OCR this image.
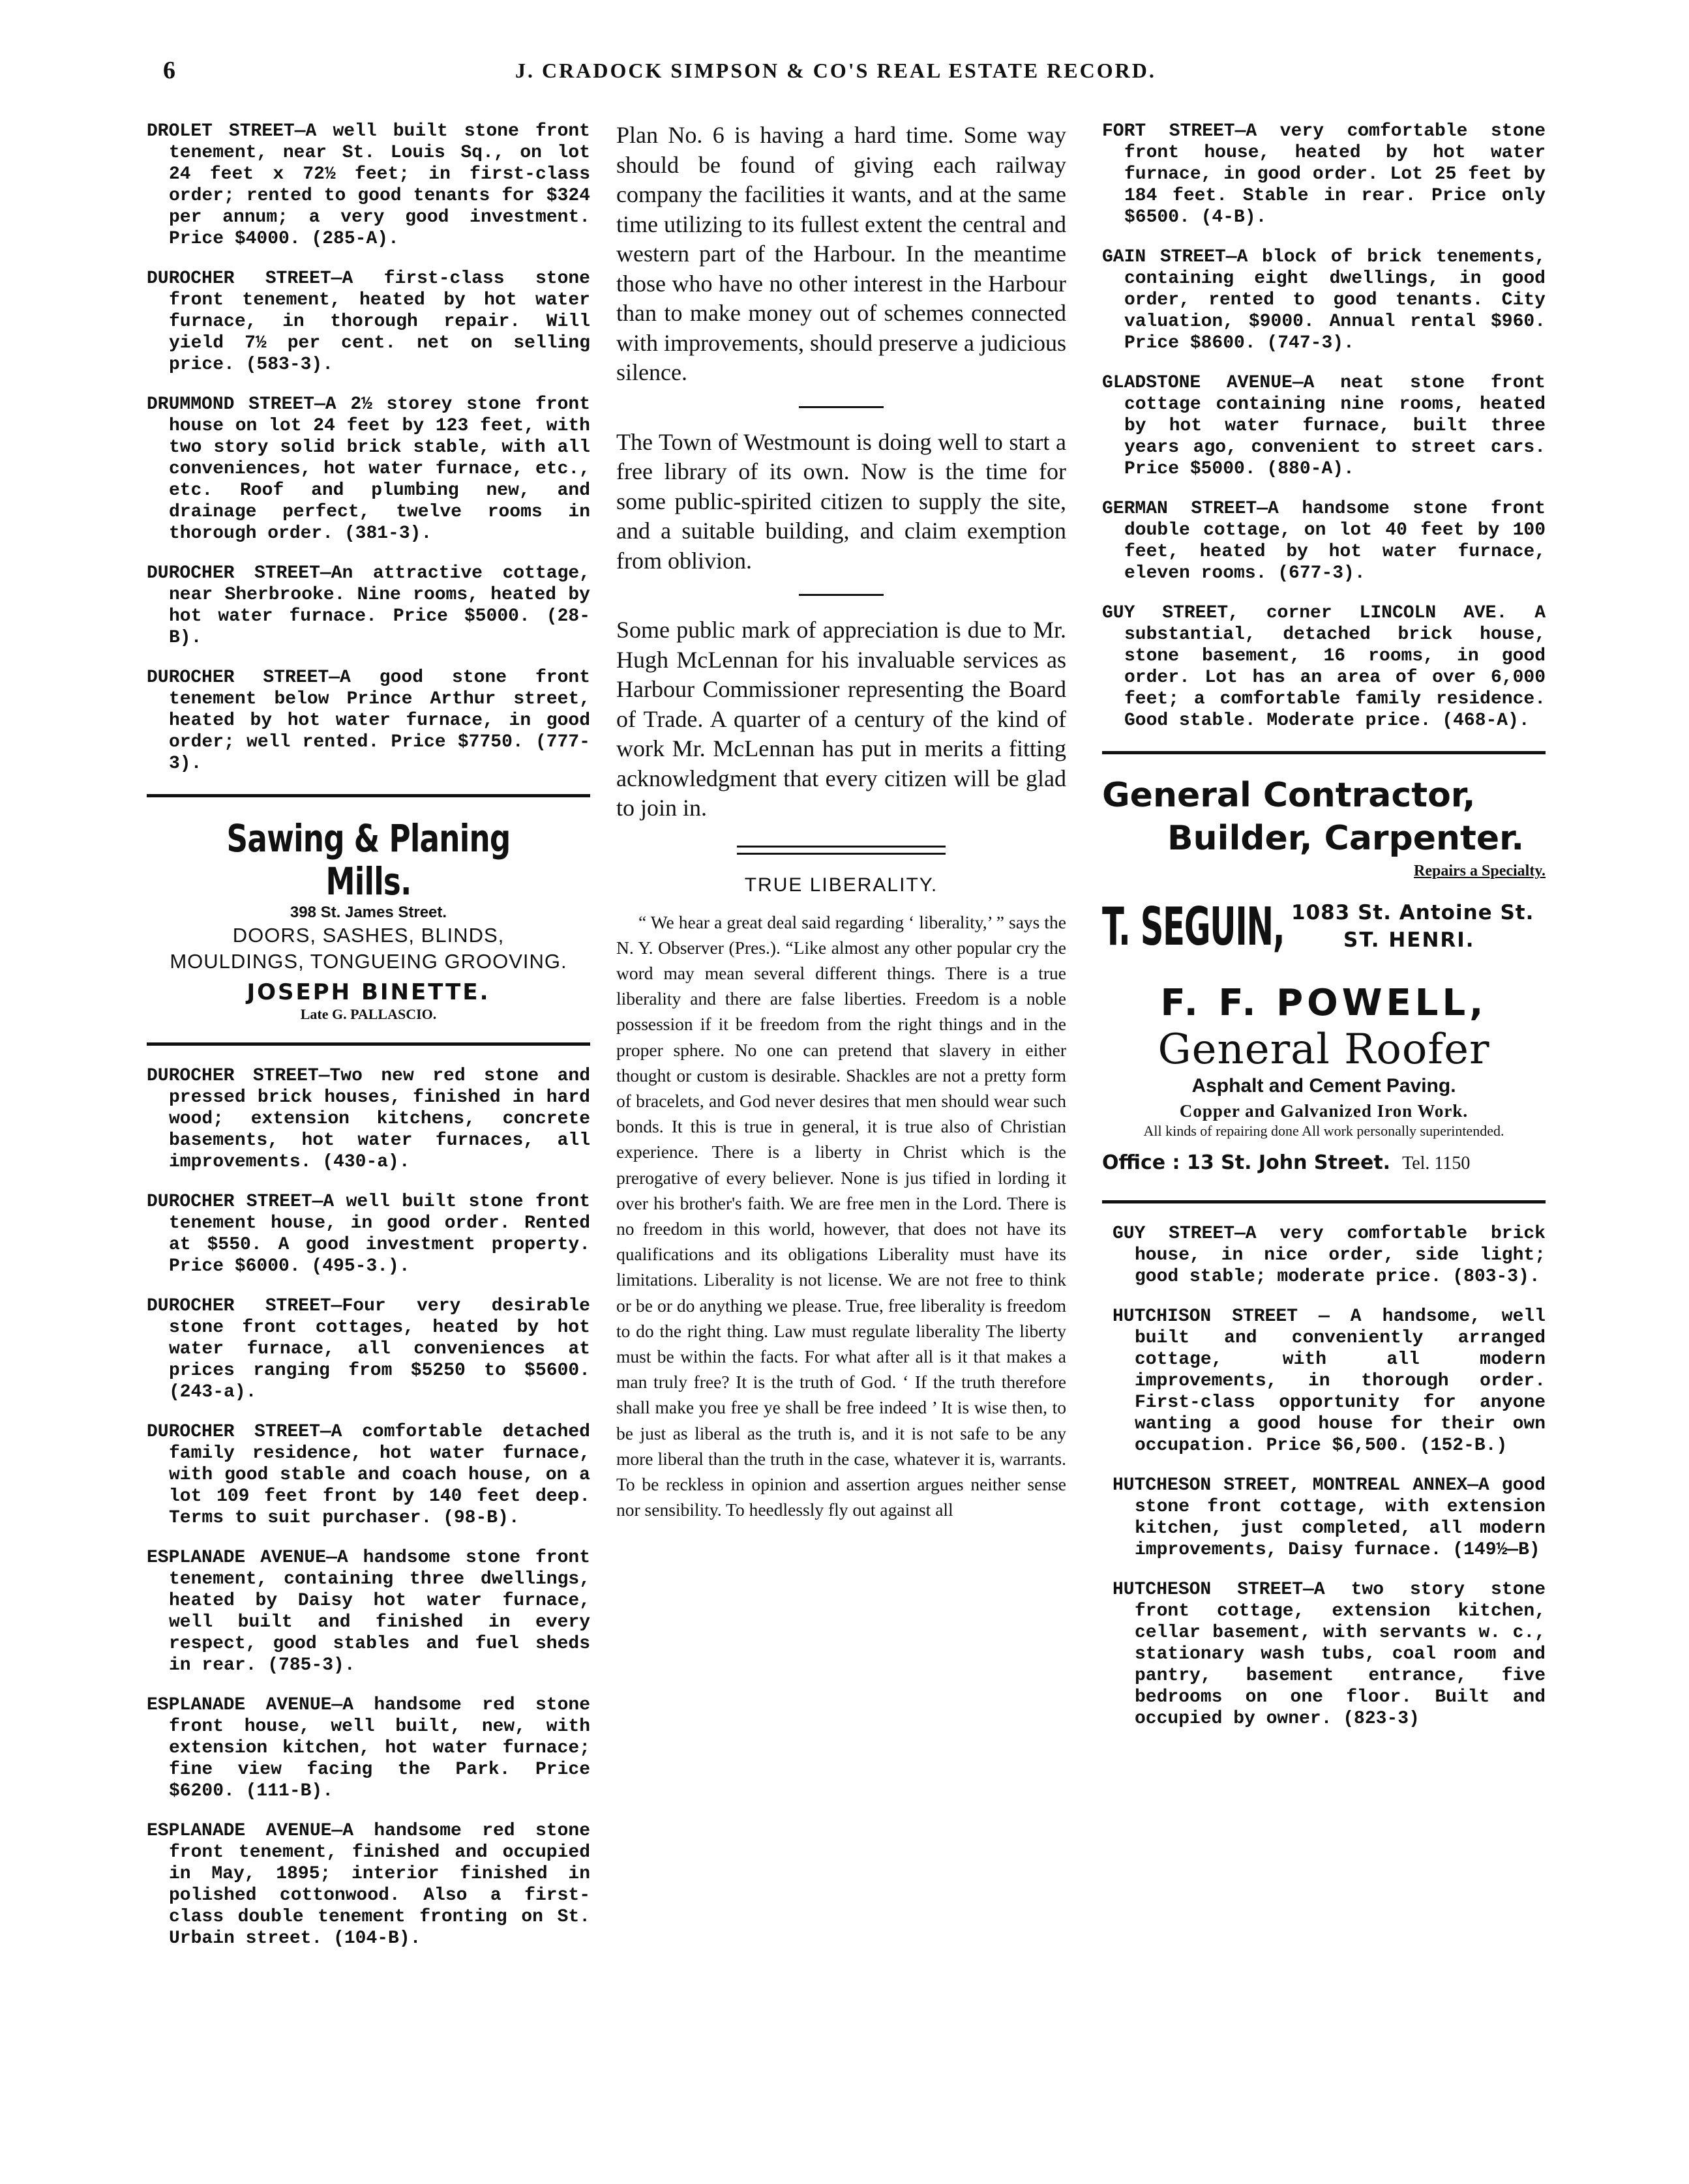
6	J. CRADOCK SIMPSON & CO'S REAL ESTATE RECORD.

DROLET STREET—A well built stone front tenement, near St. Louis Sq., on lot 24 feet x 72½ feet; in first-class order; rented to good tenants for $324 per annum; a very good investment. Price $4000. (285-A).

DUROCHER STREET—A first-class stone front tenement, heated by hot water furnace, in thorough repair. Will yield 7½ per cent. net on selling price. (583-3).

DRUMMOND STREET—A 2½ storey stone front house on lot 24 feet by 123 feet, with two story solid brick stable, with all conveniences, hot water furnace, etc., etc. Roof and plumbing new, and drainage perfect, twelve rooms in thorough order. (381-3).

DUROCHER STREET—An attractive cottage, near Sherbrooke. Nine rooms, heated by hot water furnace. Price $5000. (28-B).

DUROCHER STREET—A good stone front tenement below Prince Arthur street, heated by hot water furnace, in good order; well rented. Price $7750. (777-3).

Sawing & Planing Mills.
398 St. James Street.
DOORS, SASHES, BLINDS,
MOULDINGS, TONGUEING GROOVING.
JOSEPH BINETTE.
Late G. PALLASCIO.

DUROCHER STREET—Two new red stone and pressed brick houses, finished in hard wood; extension kitchens, concrete basements, hot water furnaces, all improvements. (430-a).

DUROCHER STREET—A well built stone front tenement house, in good order. Rented at $550. A good investment property. Price $6000. (495-3.).

DUROCHER STREET—Four very desirable stone front cottages, heated by hot water furnace, all conveniences at prices ranging from $5250 to $5600. (243-a).

DUROCHER STREET—A comfortable detached family residence, hot water furnace, with good stable and coach house, on a lot 109 feet front by 140 feet deep. Terms to suit purchaser. (98-B).

ESPLANADE AVENUE—A handsome stone front tenement, containing three dwellings, heated by Daisy hot water furnace, well built and finished in every respect, good stables and fuel sheds in rear. (785-3).

ESPLANADE AVENUE—A handsome red stone front house, well built, new, with extension kitchen, hot water furnace; fine view facing the Park. Price $6200. (111-B).

ESPLANADE AVENUE—A handsome red stone front tenement, finished and occupied in May, 1895; interior finished in polished cottonwood. Also a first-class double tenement fronting on St. Urbain street. (104-B).

Plan No. 6 is having a hard time. Some way should be found of giving each railway company the facilities it wants, and at the same time utilizing to its fullest extent the central and western part of the Harbour. In the meantime those who have no other interest in the Harbour than to make money out of schemes connected with improvements, should preserve a judicious silence.

The Town of Westmount is doing well to start a free library of its own. Now is the time for some public-spirited citizen to supply the site, and a suitable building, and claim exemption from oblivion.

Some public mark of appreciation is due to Mr. Hugh McLennan for his invaluable services as Harbour Commissioner representing the Board of Trade. A quarter of a century of the kind of work Mr. McLennan has put in merits a fitting acknowledgment that every citizen will be glad to join in.

TRUE LIBERALITY.

“ We hear a great deal said regarding ‘ liberality,’ ” says the N. Y. Observer (Pres.). “Like almost any other popular cry the word may mean several different things. There is a true liberality and there are false liberties. Freedom is a noble possession if it be freedom from the right things and in the proper sphere. No one can pretend that slavery in either thought or custom is desirable. Shackles are not a pretty form of bracelets, and God never desires that men should wear such bonds. It this is true in general, it is true also of Christian experience. There is a liberty in Christ which is the prerogative of every believer. None is jus tified in lording it over his brother's faith. We are free men in the Lord. There is no freedom in this world, however, that does not have its qualifications and its obligations Liberality must have its limitations. Liberality is not license. We are not free to think or be or do anything we please. True, free liberality is freedom to do the right thing. Law must regulate liberality The liberty must be within the facts. For what after all is it that makes a man truly free? It is the truth of God. ‘ If the truth therefore shall make you free ye shall be free indeed ’ It is wise then, to be just as liberal as the truth is, and it is not safe to be any more liberal than the truth in the case, whatever it is, warrants. To be reckless in opinion and assertion argues neither sense nor sensibility. To heedlessly fly out against all

FORT STREET—A very comfortable stone front house, heated by hot water furnace, in good order. Lot 25 feet by 184 feet. Stable in rear. Price only $6500. (4-B).

GAIN STREET—A block of brick tenements, containing eight dwellings, in good order, rented to good tenants. City valuation, $9000. Annual rental $960. Price $8600. (747-3).

GLADSTONE AVENUE—A neat stone front cottage containing nine rooms, heated by hot water furnace, built three years ago, convenient to street cars. Price $5000. (880-A).

GERMAN STREET—A handsome stone front double cottage, on lot 40 feet by 100 feet, heated by hot water furnace, eleven rooms. (677-3).

GUY STREET, corner LINCOLN AVE. A substantial, detached brick house, stone basement, 16 rooms, in good order. Lot has an area of over 6,000 feet; a comfortable family residence. Good stable. Moderate price. (468-A).

General Contractor,
Builder, Carpenter.
Repairs a Specialty.
T. SEGUIN, 1083 St. Antoine St.
ST. HENRI.
F. F. POWELL,
General Roofer
Asphalt and Cement Paving.
Copper and Galvanized Iron Work.
All kinds of repairing done All work personally superintended.
Office : 13 St. John Street. Tel. 1150

GUY STREET—A very comfortable brick house, in nice order, side light; good stable; moderate price. (803-3).

HUTCHISON STREET — A handsome, well built and conveniently arranged cottage, with all modern improvements, in thorough order. First-class opportunity for anyone wanting a good house for their own occupation. Price $6,500. (152-B.)

HUTCHESON STREET, MONTREAL ANNEX—A good stone front cottage, with extension kitchen, just completed, all modern improvements, Daisy furnace. (149½—B)

HUTCHESON STREET—A two story stone front cottage, extension kitchen, cellar basement, with servants w. c., stationary wash tubs, coal room and pantry, basement entrance, five bedrooms on one floor. Built and occupied by owner. (823-3)
